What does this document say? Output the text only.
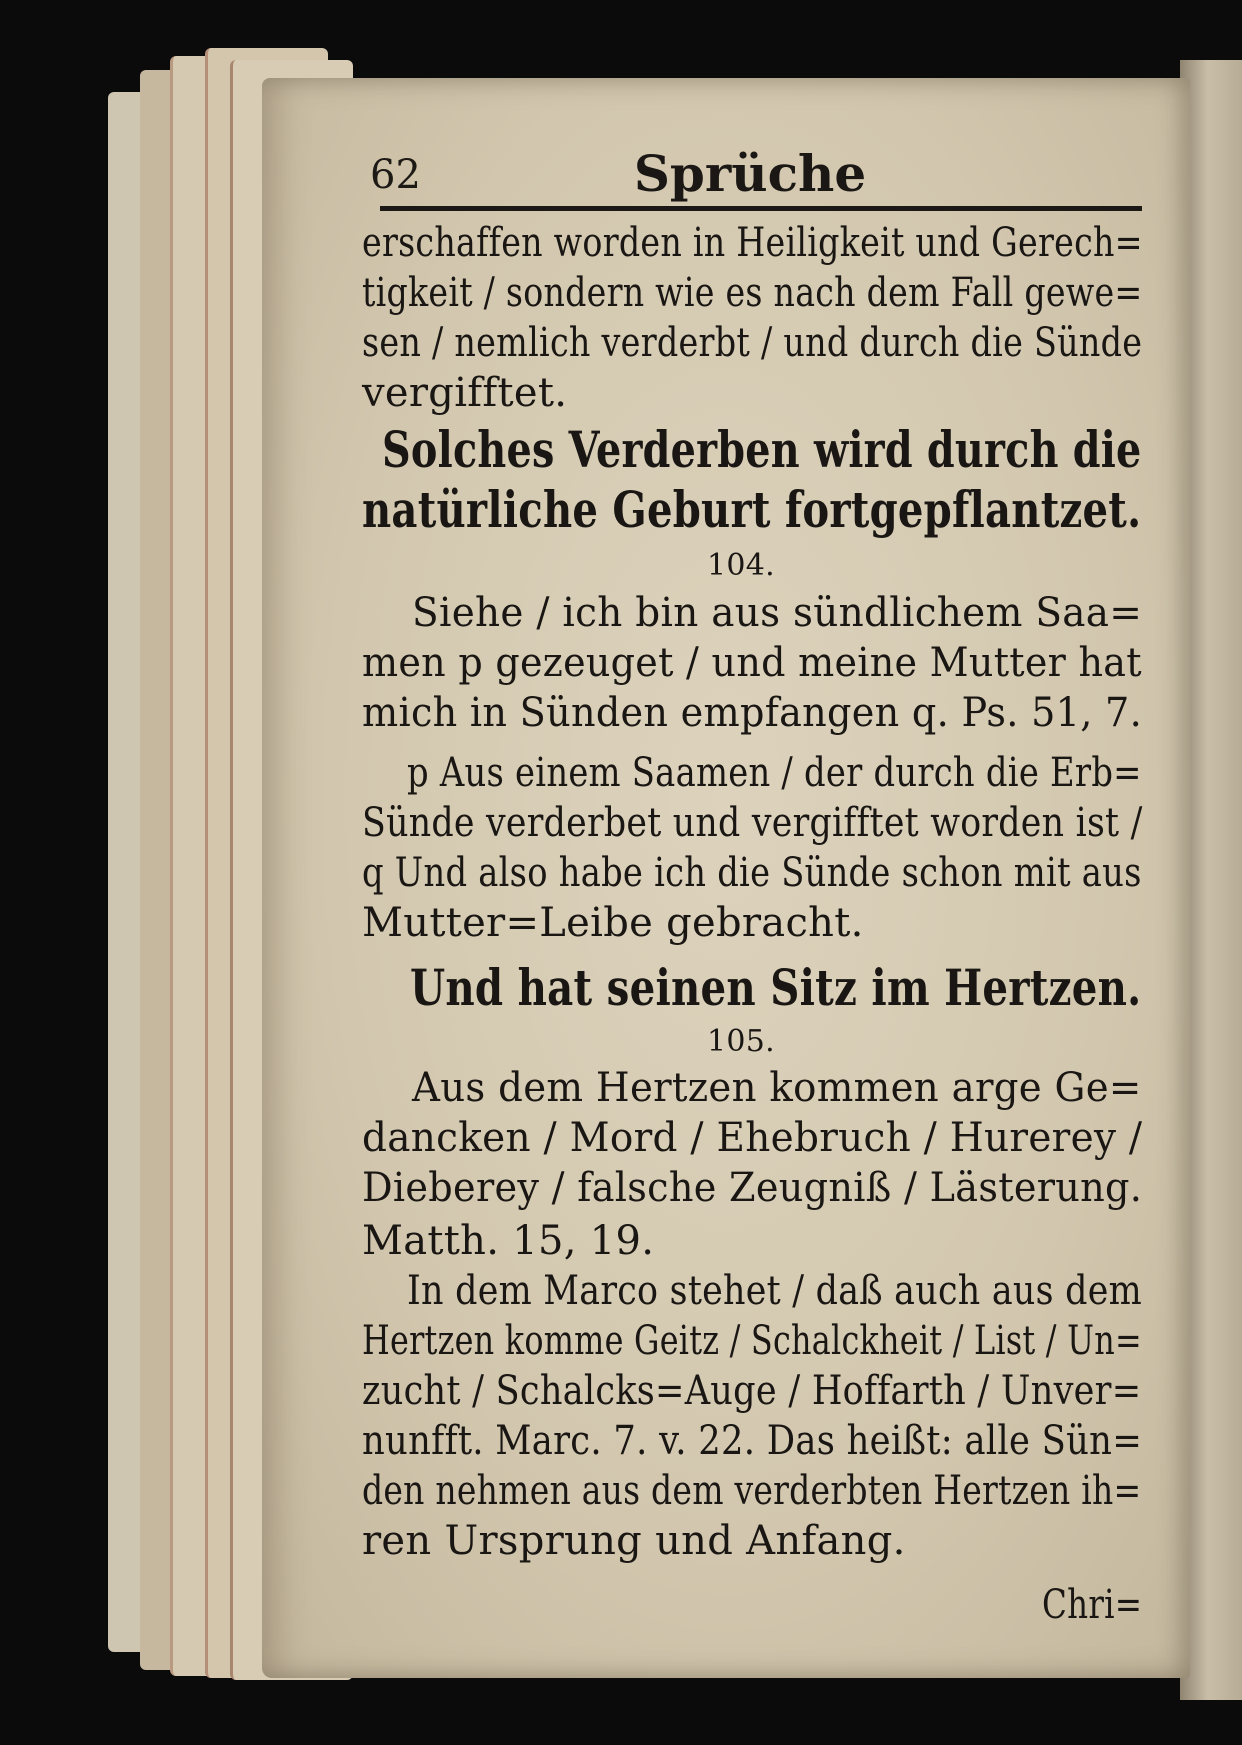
62	Sprüche
erschaffen worden in Heiligkeit und Gerech=
tigkeit / sondern wie es nach dem Fall gewe=
sen / nemlich verderbt / und durch die Sünde
vergifftet.
Solches Verderben wird durch die
natürliche Geburt fortgepflantzet.
104.
Siehe / ich bin aus sündlichem Saa=
men p gezeuget / und meine Mutter hat
mich in Sünden empfangen q. Ps. 51, 7.
p Aus einem Saamen / der durch die Erb=
Sünde verderbet und vergifftet worden ist /
q Und also habe ich die Sünde schon mit aus
Mutter=Leibe gebracht.
Und hat seinen Sitz im Hertzen.
105.
Aus dem Hertzen kommen arge Ge=
dancken / Mord / Ehebruch / Hurerey /
Dieberey / falsche Zeugniß / Lästerung.
Matth. 15, 19.
In dem Marco stehet / daß auch aus dem
Hertzen komme Geitz / Schalckheit / List / Un=
zucht / Schalcks=Auge / Hoffarth / Unver=
nunfft. Marc. 7. v. 22. Das heißt: alle Sün=
den nehmen aus dem verderbten Hertzen ih=
ren Ursprung und Anfang.
Chri=
